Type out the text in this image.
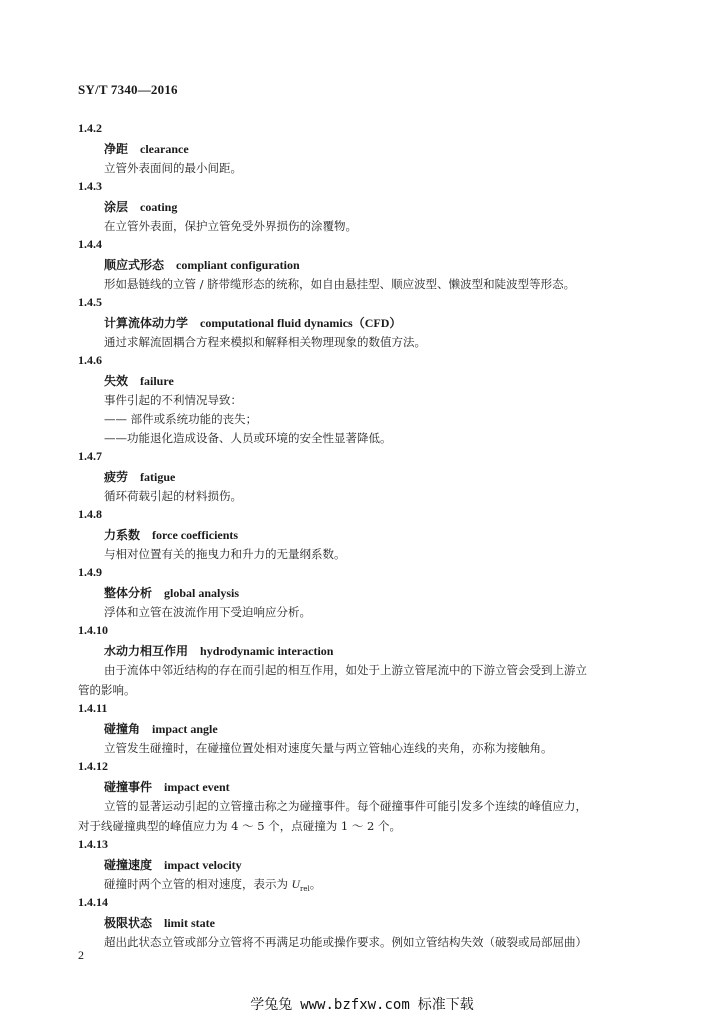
SY/T 7340—2016
1.4.2
净距 clearance
立管外表面间的最小间距。
1.4.3
涂层 coating
在立管外表面，保护立管免受外界损伤的涂覆物。
1.4.4
顺应式形态 compliant configuration
形如悬链线的立管 / 脐带缆形态的统称，如自由悬挂型、顺应波型、懒波型和陡波型等形态。
1.4.5
计算流体动力学 computational fluid dynamics（CFD）
通过求解流固耦合方程来模拟和解释相关物理现象的数值方法。
1.4.6
失效 failure
事件引起的不利情况导致：
—— 部件或系统功能的丧失；
——功能退化造成设备、人员或环境的安全性显著降低。
1.4.7
疲劳 fatigue
循环荷载引起的材料损伤。
1.4.8
力系数 force coefficients
与相对位置有关的拖曳力和升力的无量纲系数。
1.4.9
整体分析 global analysis
浮体和立管在波流作用下受迫响应分析。
1.4.10
水动力相互作用 hydrodynamic interaction
由于流体中邻近结构的存在而引起的相互作用，如处于上游立管尾流中的下游立管会受到上游立
管的影响。
1.4.11
碰撞角 impact angle
立管发生碰撞时，在碰撞位置处相对速度矢量与两立管轴心连线的夹角，亦称为接触角。
1.4.12
碰撞事件 impact event
立管的显著运动引起的立管撞击称之为碰撞事件。每个碰撞事件可能引发多个连续的峰值应力，
对于线碰撞典型的峰值应力为 4 ～ 5 个，点碰撞为 1 ～ 2 个。
1.4.13
碰撞速度 impact velocity
碰撞时两个立管的相对速度，表示为 $U_{rel}$。
1.4.14
极限状态 limit state
超出此状态立管或部分立管将不再满足功能或操作要求。例如立管结构失效（破裂或局部屈曲）
2
学兔兔 www.bzfxw.com 标准下载
